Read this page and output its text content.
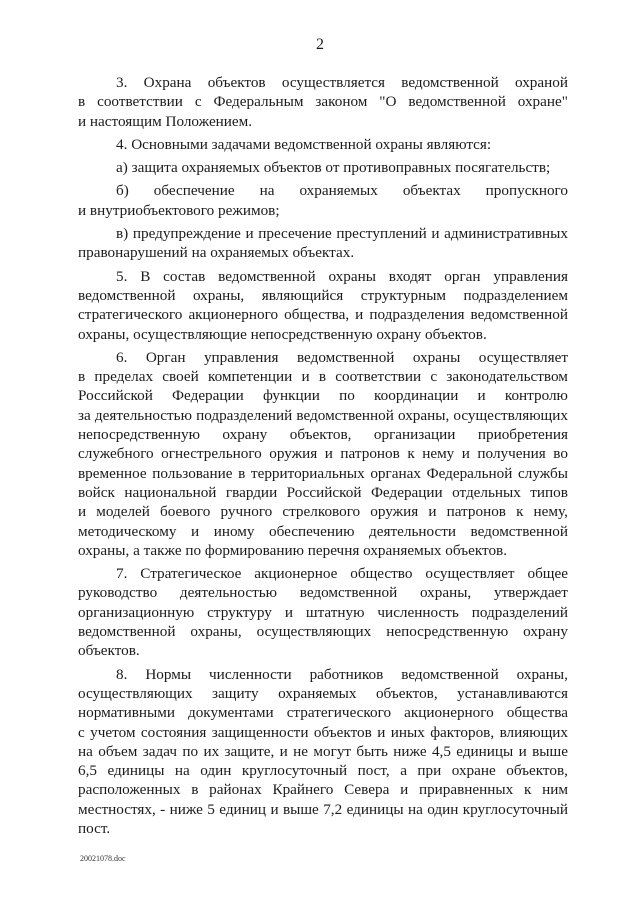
2
3. Охрана объектов осуществляется ведомственной охраной
в соответствии с Федеральным законом "О ведомственной охране"
и настоящим Положением.
4. Основными задачами ведомственной охраны являются:
а) защита охраняемых объектов от противоправных посягательств;
б) обеспечение на охраняемых объектах пропускного
и внутриобъектового режимов;
в) предупреждение и пресечение преступлений и административных
правонарушений на охраняемых объектах.
5. В состав ведомственной охраны входят орган управления
ведомственной охраны, являющийся структурным подразделением
стратегического акционерного общества, и подразделения ведомственной
охраны, осуществляющие непосредственную охрану объектов.
6. Орган управления ведомственной охраны осуществляет
в пределах своей компетенции и в соответствии с законодательством
Российской Федерации функции по координации и контролю
за деятельностью подразделений ведомственной охраны, осуществляющих
непосредственную охрану объектов, организации приобретения
служебного огнестрельного оружия и патронов к нему и получения во
временное пользование в территориальных органах Федеральной службы
войск национальной гвардии Российской Федерации отдельных типов
и моделей боевого ручного стрелкового оружия и патронов к нему,
методическому и иному обеспечению деятельности ведомственной
охраны, а также по формированию перечня охраняемых объектов.
7. Стратегическое акционерное общество осуществляет общее
руководство деятельностью ведомственной охраны, утверждает
организационную структуру и штатную численность подразделений
ведомственной охраны, осуществляющих непосредственную охрану
объектов.
8. Нормы численности работников ведомственной охраны,
осуществляющих защиту охраняемых объектов, устанавливаются
нормативными документами стратегического акционерного общества
с учетом состояния защищенности объектов и иных факторов, влияющих
на объем задач по их защите, и не могут быть ниже 4,5 единицы и выше
6,5 единицы на один круглосуточный пост, а при охране объектов,
расположенных в районах Крайнего Севера и приравненных к ним
местностях, - ниже 5 единиц и выше 7,2 единицы на один круглосуточный
пост.
20021078.doc
